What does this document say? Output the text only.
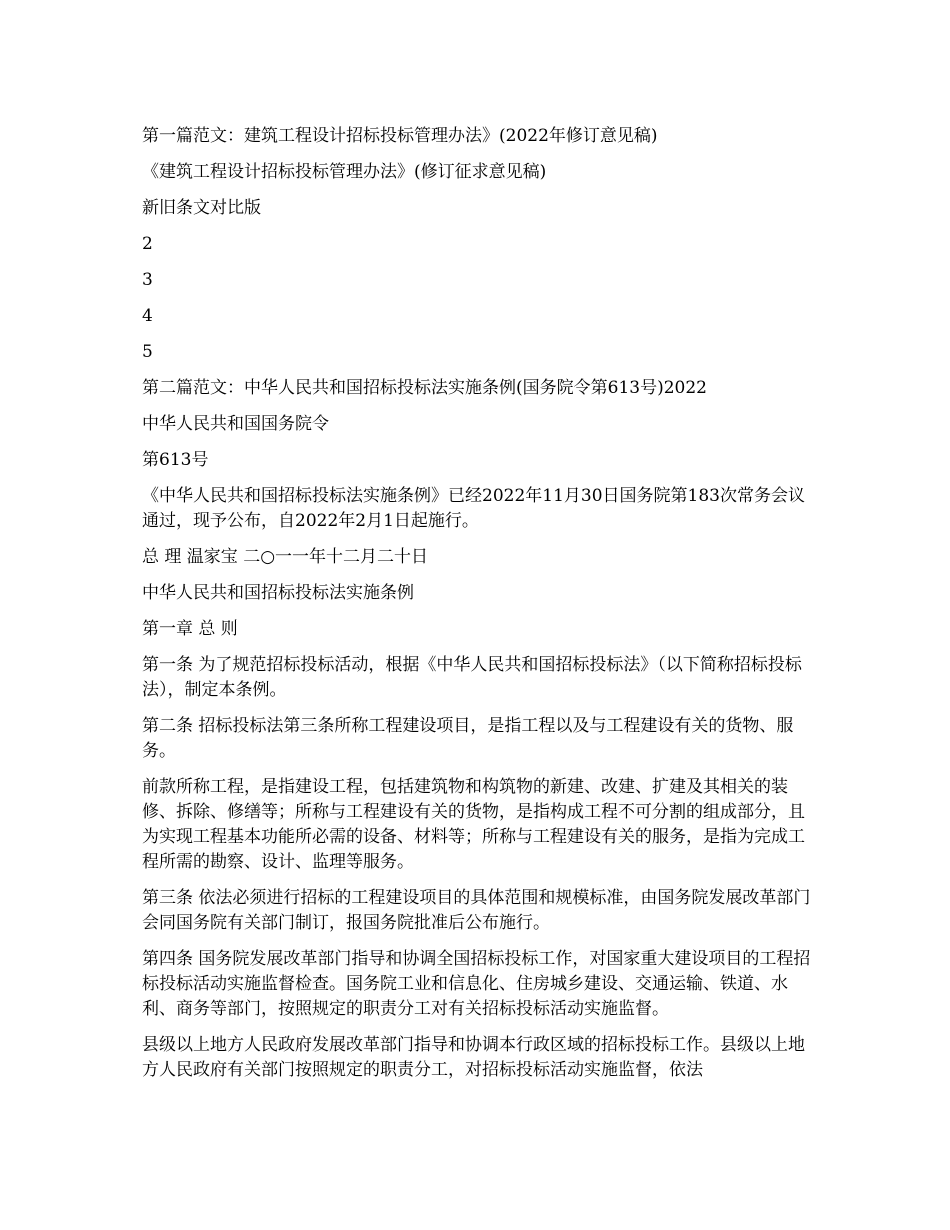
第一篇范文：建筑工程设计招标投标管理办法》(2022年修订意见稿)

《建筑工程设计招标投标管理办法》(修订征求意见稿)

新旧条文对比版

2

3

4

5

第二篇范文：中华人民共和国招标投标法实施条例(国务院令第613号)2022

中华人民共和国国务院令

第613号

《中华人民共和国招标投标法实施条例》已经2022年11月30日国务院第183次常务会议通过，现予公布，自2022年2月1日起施行。

总 理 温家宝 二○一一年十二月二十日

中华人民共和国招标投标法实施条例

第一章 总 则

第一条 为了规范招标投标活动，根据《中华人民共和国招标投标法》（以下简称招标投标法），制定本条例。

第二条 招标投标法第三条所称工程建设项目，是指工程以及与工程建设有关的货物、服务。

前款所称工程，是指建设工程，包括建筑物和构筑物的新建、改建、扩建及其相关的装修、拆除、修缮等；所称与工程建设有关的货物，是指构成工程不可分割的组成部分，且为实现工程基本功能所必需的设备、材料等；所称与工程建设有关的服务，是指为完成工程所需的勘察、设计、监理等服务。

第三条 依法必须进行招标的工程建设项目的具体范围和规模标准，由国务院发展改革部门会同国务院有关部门制订，报国务院批准后公布施行。

第四条 国务院发展改革部门指导和协调全国招标投标工作，对国家重大建设项目的工程招标投标活动实施监督检查。国务院工业和信息化、住房城乡建设、交通运输、铁道、水利、商务等部门，按照规定的职责分工对有关招标投标活动实施监督。

县级以上地方人民政府发展改革部门指导和协调本行政区域的招标投标工作。县级以上地方人民政府有关部门按照规定的职责分工，对招标投标活动实施监督，依法
